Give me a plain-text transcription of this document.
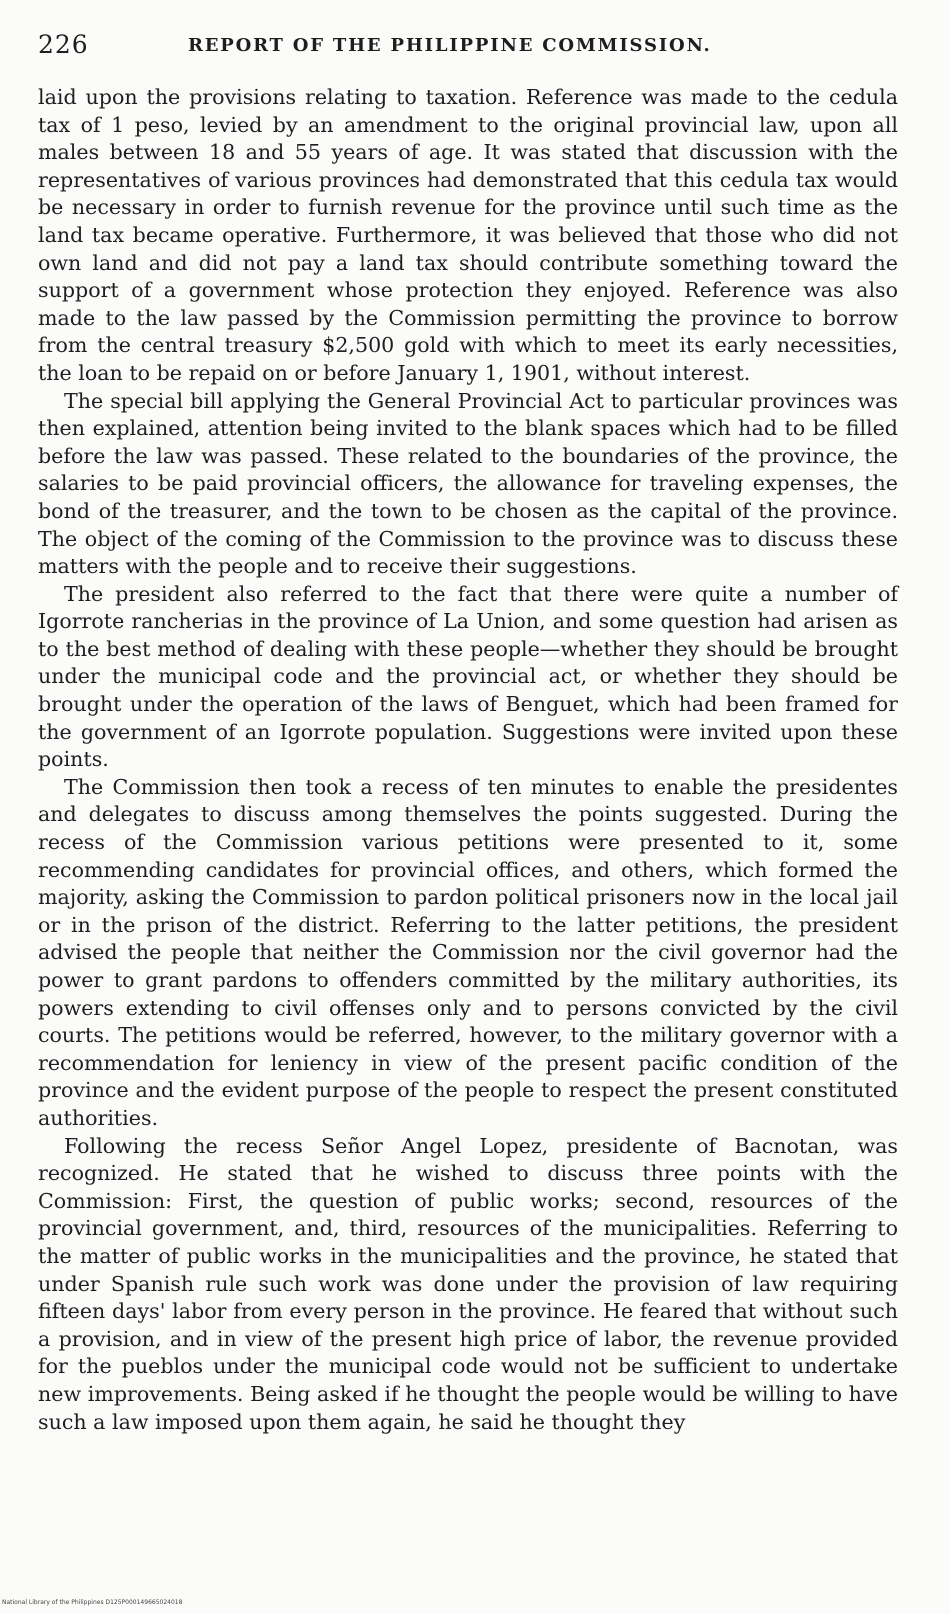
226	REPORT OF THE PHILIPPINE COMMISSION.

laid upon the provisions relating to taxation. Reference was made to the cedula tax of 1 peso, levied by an amendment to the original provincial law, upon all males between 18 and 55 years of age. It was stated that discussion with the representatives of various provinces had demonstrated that this cedula tax would be necessary in order to furnish revenue for the province until such time as the land tax became operative. Furthermore, it was believed that those who did not own land and did not pay a land tax should contribute something toward the support of a government whose protection they enjoyed. Reference was also made to the law passed by the Commission permitting the province to borrow from the central treasury $2,500 gold with which to meet its early necessities, the loan to be repaid on or before January 1, 1901, without interest.

The special bill applying the General Provincial Act to particular provinces was then explained, attention being invited to the blank spaces which had to be filled before the law was passed. These related to the boundaries of the province, the salaries to be paid provincial officers, the allowance for traveling expenses, the bond of the treasurer, and the town to be chosen as the capital of the province. The object of the coming of the Commission to the province was to discuss these matters with the people and to receive their suggestions.

The president also referred to the fact that there were quite a number of Igorrote rancherias in the province of La Union, and some question had arisen as to the best method of dealing with these people—whether they should be brought under the municipal code and the provincial act, or whether they should be brought under the operation of the laws of Benguet, which had been framed for the government of an Igorrote population. Suggestions were invited upon these points.

The Commission then took a recess of ten minutes to enable the presidentes and delegates to discuss among themselves the points suggested. During the recess of the Commission various petitions were presented to it, some recommending candidates for provincial offices, and others, which formed the majority, asking the Commission to pardon political prisoners now in the local jail or in the prison of the district. Referring to the latter petitions, the president advised the people that neither the Commission nor the civil governor had the power to grant pardons to offenders committed by the military authorities, its powers extending to civil offenses only and to persons convicted by the civil courts. The petitions would be referred, however, to the military governor with a recommendation for leniency in view of the present pacific condition of the province and the evident purpose of the people to respect the present constituted authorities.

Following the recess Señor Angel Lopez, presidente of Bacnotan, was recognized. He stated that he wished to discuss three points with the Commission: First, the question of public works; second, resources of the provincial government, and, third, resources of the municipalities. Referring to the matter of public works in the municipalities and the province, he stated that under Spanish rule such work was done under the provision of law requiring fifteen days' labor from every person in the province. He feared that without such a provision, and in view of the present high price of labor, the revenue provided for the pueblos under the municipal code would not be sufficient to undertake new improvements. Being asked if he thought the people would be willing to have such a law imposed upon them again, he said he thought they

National Library of the Philippines D125P000149665024018
